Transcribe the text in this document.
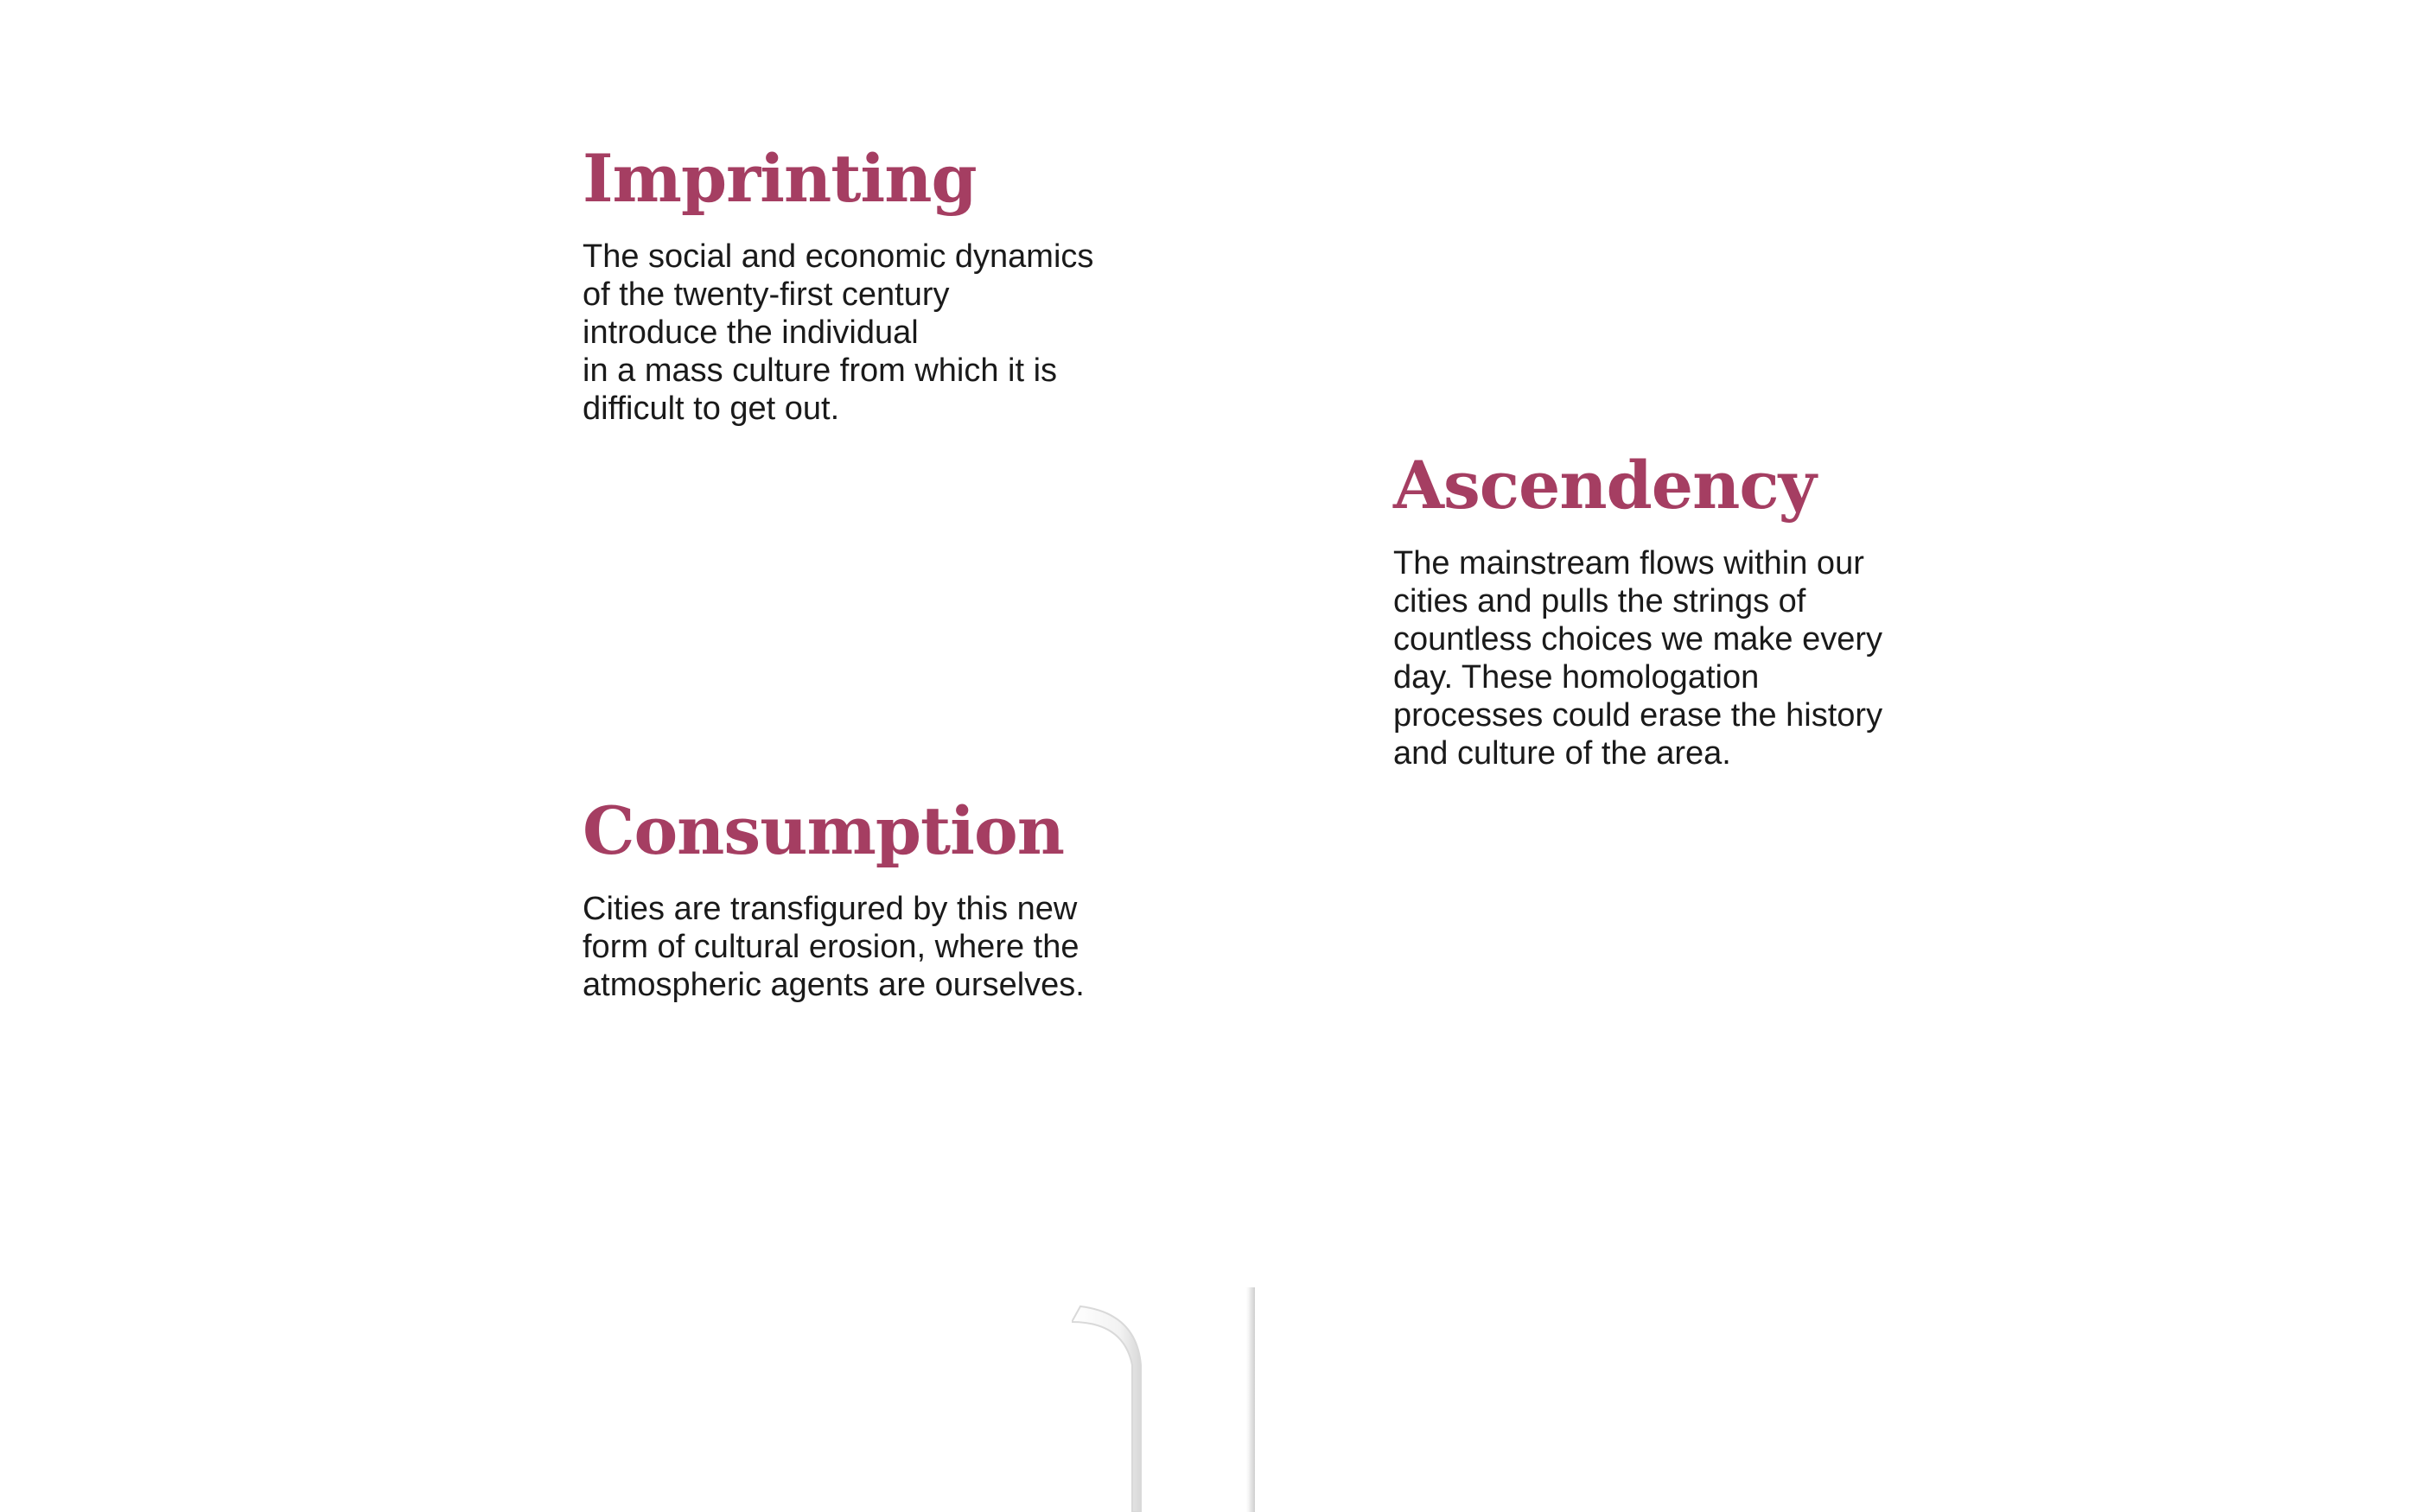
Imprinting

The social and economic dynamics
of the twenty-first century
introduce the individual
in a mass culture from which it is
difficult to get out.

Ascendency

The mainstream flows within our
cities and pulls the strings of
countless choices we make every
day. These homologation
processes could erase the history
and culture of the area.

Consumption

Cities are transfigured by this new
form of cultural erosion, where the
atmospheric agents are ourselves.
